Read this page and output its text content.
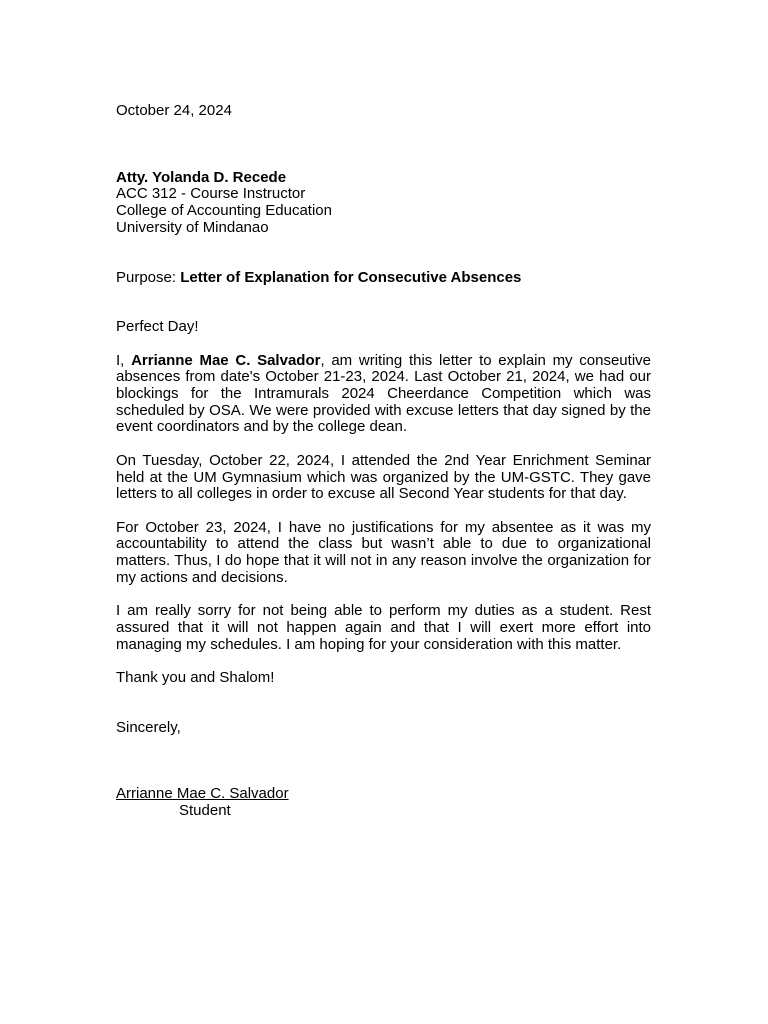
October 24, 2024
Atty. Yolanda D. Recede
ACC 312 - Course Instructor
College of Accounting Education
University of Mindanao
Purpose: Letter of Explanation for Consecutive Absences
Perfect Day!
I, Arrianne Mae C. Salvador, am writing this letter to explain my conseutive absences from date's October 21-23, 2024. Last October 21, 2024, we had our blockings for the Intramurals 2024 Cheerdance Competition which was scheduled by OSA. We were provided with excuse letters that day signed by the event coordinators and by the college dean.
On Tuesday, October 22, 2024, I attended the 2nd Year Enrichment Seminar held at the UM Gymnasium which was organized by the UM-GSTC. They gave  letters to all colleges in order to excuse all Second Year students for that day.
For October 23, 2024, I have no justifications for my absentee as it was my accountability to attend the class but wasn’t able to due to organizational matters. Thus, I do hope that it will not in any reason involve the organization for my actions and decisions.
I am really sorry for not being able to perform my duties as a student. Rest assured that it will not happen again and that I will exert more effort into managing my schedules. I am hoping for your consideration with this matter.
Thank you and Shalom!
Sincerely,
Arrianne Mae C. Salvador
Student
